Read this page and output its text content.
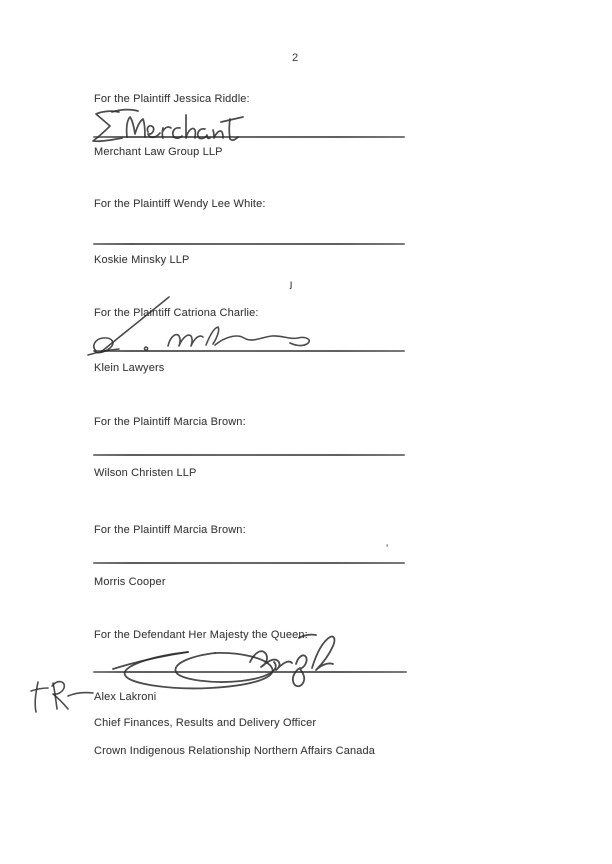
2
For the Plaintiff Jessica Riddle:
Merchant Law Group LLP
For the Plaintiff Wendy Lee White:
Koskie Minsky LLP
ȷ
For the Plaintiff Catriona Charlie:
Klein Lawyers
For the Plaintiff Marcia Brown:
Wilson Christen LLP
For the Plaintiff Marcia Brown:
ʼ
Morris Cooper
For the Defendant Her Majesty the Queen:
Alex Lakroni
Chief Finances, Results and Delivery Officer
Crown Indigenous Relationship Northern Affairs Canada
